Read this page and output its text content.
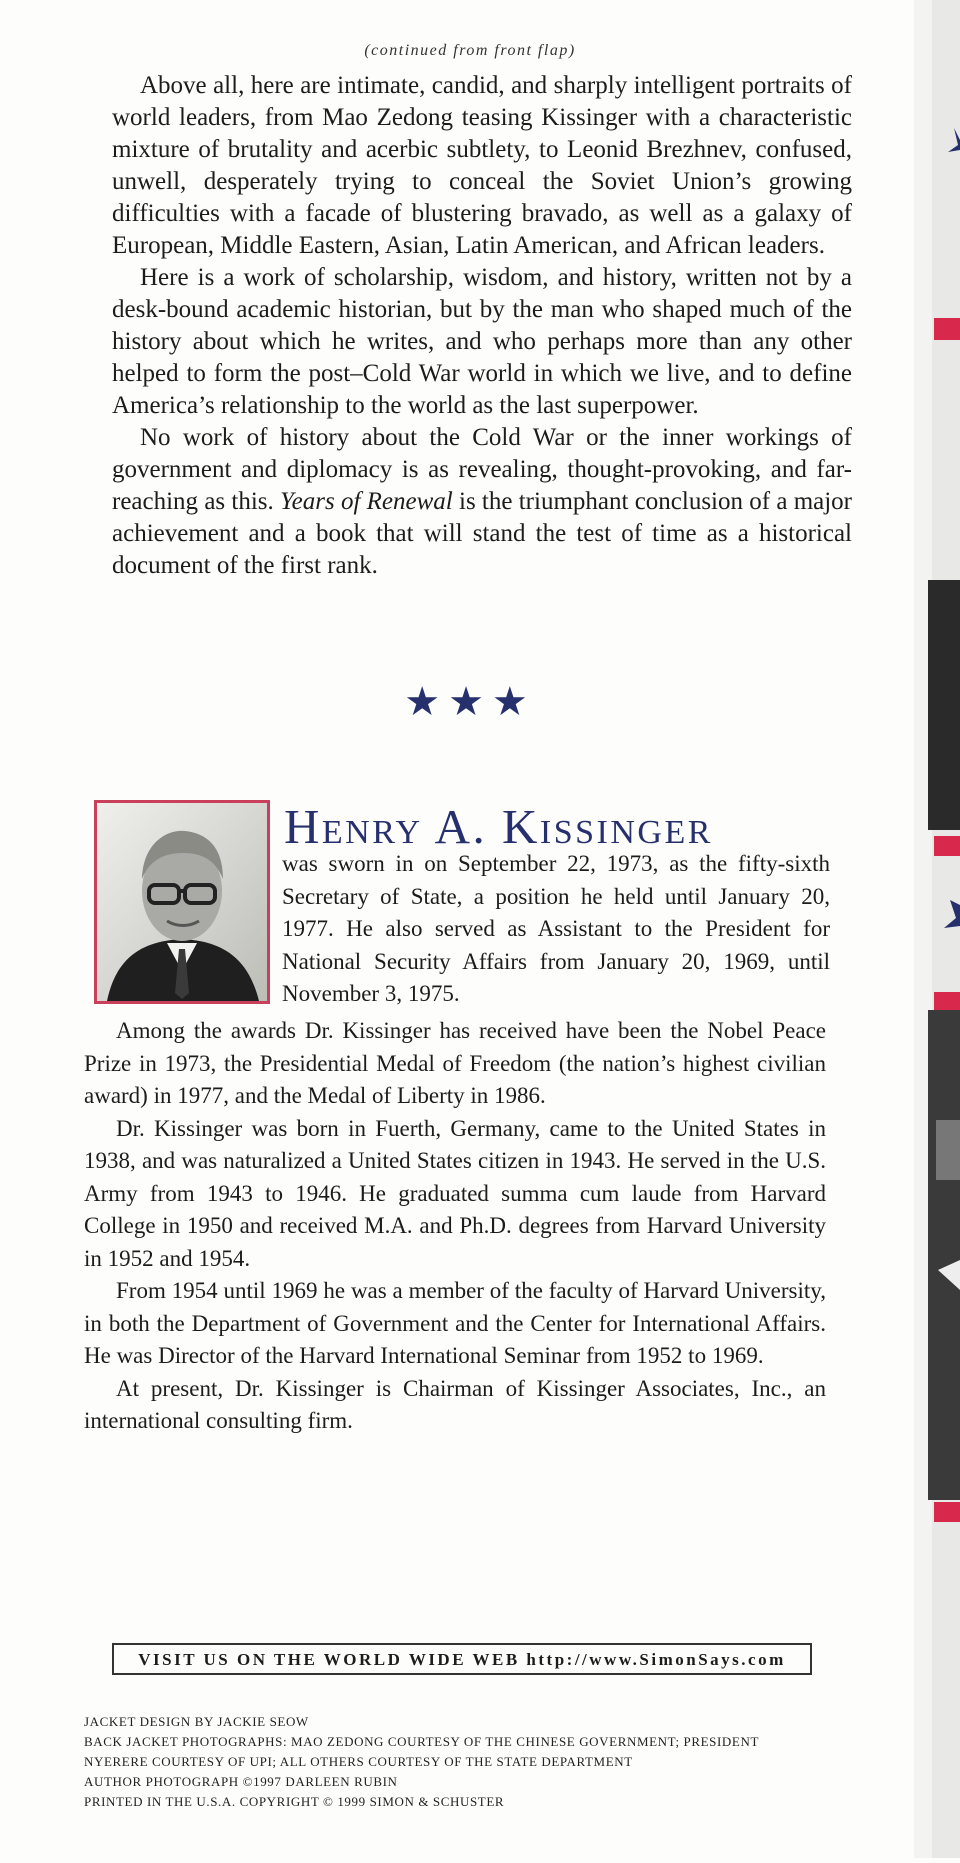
(continued from front flap)

Above all, here are intimate, candid, and sharply intelligent portraits of world leaders, from Mao Zedong teasing Kissinger with a characteristic mixture of brutality and acerbic subtlety, to Leonid Brezhnev, confused, unwell, desperately trying to conceal the Soviet Union’s growing difficulties with a facade of blustering bravado, as well as a galaxy of European, Middle Eastern, Asian, Latin American, and African leaders.

Here is a work of scholarship, wisdom, and history, written not by a desk-bound academic historian, but by the man who shaped much of the history about which he writes, and who perhaps more than any other helped to form the post–Cold War world in which we live, and to define America’s relationship to the world as the last superpower.

No work of history about the Cold War or the inner workings of government and diplomacy is as revealing, thought-provoking, and far-reaching as this. Years of Renewal is the triumphant conclusion of a major achievement and a book that will stand the test of time as a historical document of the first rank.

★★★
Henry A. Kissinger
was sworn in on September 22, 1973, as the fifty-sixth Secretary of State, a position he held until January 20, 1977. He also served as Assistant to the President for National Security Affairs from January 20, 1969, until November 3, 1975.

Among the awards Dr. Kissinger has received have been the Nobel Peace Prize in 1973, the Presidential Medal of Freedom (the nation’s highest civilian award) in 1977, and the Medal of Liberty in 1986.

Dr. Kissinger was born in Fuerth, Germany, came to the United States in 1938, and was naturalized a United States citizen in 1943. He served in the U.S. Army from 1943 to 1946. He graduated summa cum laude from Harvard College in 1950 and received M.A. and Ph.D. degrees from Harvard University in 1952 and 1954.

From 1954 until 1969 he was a member of the faculty of Harvard University, in both the Department of Government and the Center for International Affairs. He was Director of the Harvard International Seminar from 1952 to 1969.

At present, Dr. Kissinger is Chairman of Kissinger Associates, Inc., an international consulting firm.

VISIT US ON THE WORLD WIDE WEB http://www.SimonSays.com
JACKET DESIGN BY JACKIE SEOW
BACK JACKET PHOTOGRAPHS: MAO ZEDONG COURTESY OF THE CHINESE GOVERNMENT; PRESIDENT
NYERERE COURTESY OF UPI; ALL OTHERS COURTESY OF THE STATE DEPARTMENT
AUTHOR PHOTOGRAPH ©1997 DARLEEN RUBIN
PRINTED IN THE U.S.A. COPYRIGHT © 1999 SIMON & SCHUSTER
